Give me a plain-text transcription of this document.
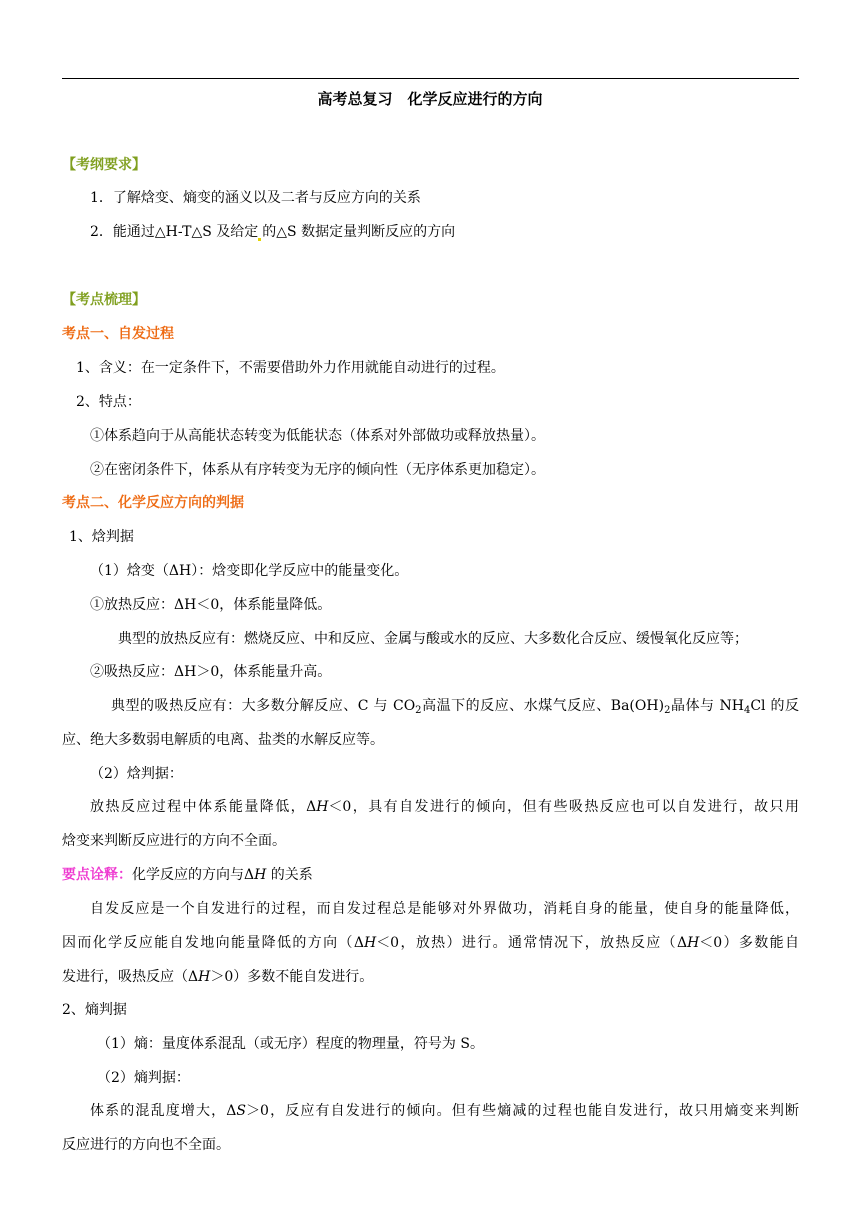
高考总复习　化学反应进行的方向
【考纲要求】
1．了解焓变、熵变的涵义以及二者与反应方向的关系
2．能通过△H-T△S 及给定 的△S 数据定量判断反应的方向
【考点梳理】
考点一、自发过程
1、含义：在一定条件下，不需要借助外力作用就能自动进行的过程。
2、特点：
①体系趋向于从高能状态转变为低能状态（体系对外部做功或释放热量）。
②在密闭条件下，体系从有序转变为无序的倾向性（无序体系更加稳定）。
考点二、化学反应方向的判据
1、焓判据
（1）焓变（ΔH）：焓变即化学反应中的能量变化。
①放热反应：ΔH＜0，体系能量降低。
典型的放热反应有：燃烧反应、中和反应、金属与酸或水的反应、大多数化合反应、缓慢氧化反应等；
②吸热反应：ΔH＞0，体系能量升高。
典型的吸热反应有：大多数分解反应、C 与 $CO_2$高温下的反应、水煤气反应、$Ba(OH)_2$晶体与 $NH_4Cl$ 的反
应、绝大多数弱电解质的电离、盐类的水解反应等。
（2）焓判据：
放热反应过程中体系能量降低，ΔH＜0，具有自发进行的倾向，但有些吸热反应也可以自发进行，故只用
焓变来判断反应进行的方向不全面。
要点诠释：化学反应的方向与ΔH 的关系
自发反应是一个自发进行的过程，而自发过程总是能够对外界做功，消耗自身的能量，使自身的能量降低，
因而化学反应能自发地向能量降低的方向（ΔH＜0，放热）进行。通常情况下，放热反应（ΔH＜0）多数能自
发进行，吸热反应（ΔH＞0）多数不能自发进行。
2、熵判据
（1）熵：量度体系混乱（或无序）程度的物理量，符号为 S。
（2）熵判据：
体系的混乱度增大，ΔS＞0，反应有自发进行的倾向。但有些熵减的过程也能自发进行，故只用熵变来判断
反应进行的方向也不全面。
